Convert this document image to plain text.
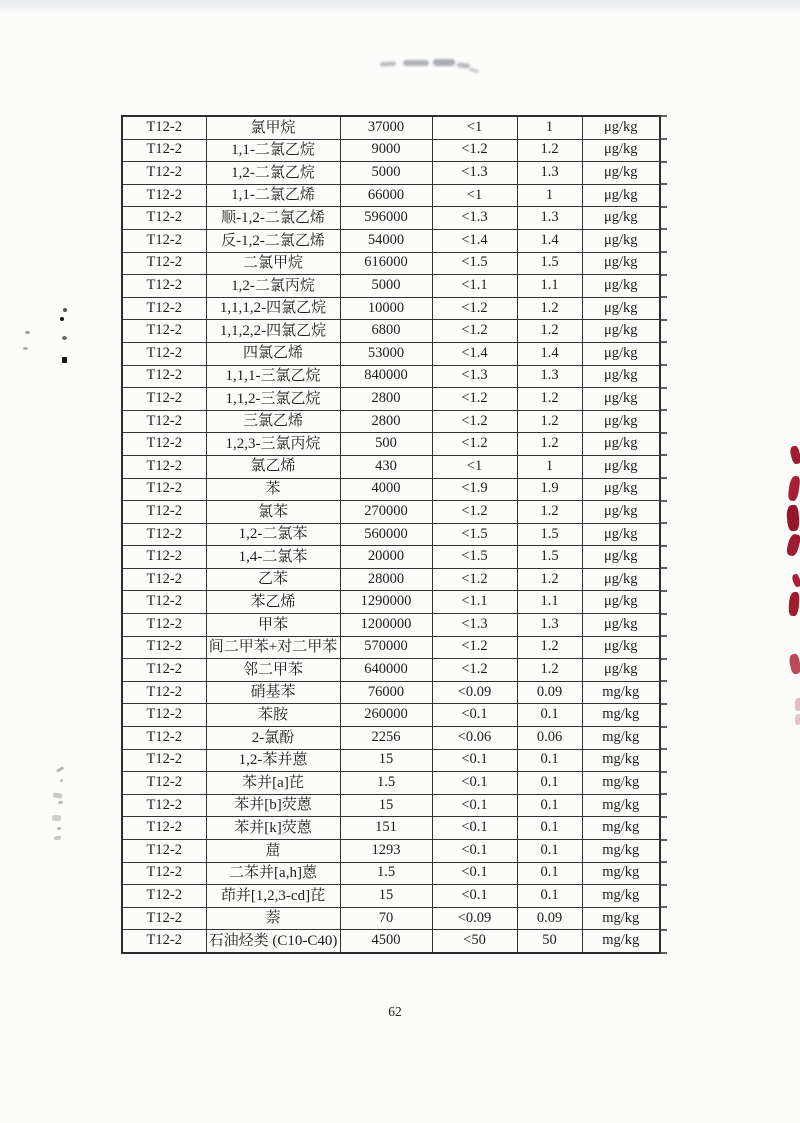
T12-2	氯甲烷	37000	<1	1	μg/kg
T12-2	1,1-二氯乙烷	9000	<1.2	1.2	μg/kg
T12-2	1,2-二氯乙烷	5000	<1.3	1.3	μg/kg
T12-2	1,1-二氯乙烯	66000	<1	1	μg/kg
T12-2	顺-1,2-二氯乙烯	596000	<1.3	1.3	μg/kg
T12-2	反-1,2-二氯乙烯	54000	<1.4	1.4	μg/kg
T12-2	二氯甲烷	616000	<1.5	1.5	μg/kg
T12-2	1,2-二氯丙烷	5000	<1.1	1.1	μg/kg
T12-2	1,1,1,2-四氯乙烷	10000	<1.2	1.2	μg/kg
T12-2	1,1,2,2-四氯乙烷	6800	<1.2	1.2	μg/kg
T12-2	四氯乙烯	53000	<1.4	1.4	μg/kg
T12-2	1,1,1-三氯乙烷	840000	<1.3	1.3	μg/kg
T12-2	1,1,2-三氯乙烷	2800	<1.2	1.2	μg/kg
T12-2	三氯乙烯	2800	<1.2	1.2	μg/kg
T12-2	1,2,3-三氯丙烷	500	<1.2	1.2	μg/kg
T12-2	氯乙烯	430	<1	1	μg/kg
T12-2	苯	4000	<1.9	1.9	μg/kg
T12-2	氯苯	270000	<1.2	1.2	μg/kg
T12-2	1,2-二氯苯	560000	<1.5	1.5	μg/kg
T12-2	1,4-二氯苯	20000	<1.5	1.5	μg/kg
T12-2	乙苯	28000	<1.2	1.2	μg/kg
T12-2	苯乙烯	1290000	<1.1	1.1	μg/kg
T12-2	甲苯	1200000	<1.3	1.3	μg/kg
T12-2	间二甲苯+对二甲苯	570000	<1.2	1.2	μg/kg
T12-2	邻二甲苯	640000	<1.2	1.2	μg/kg
T12-2	硝基苯	76000	<0.09	0.09	mg/kg
T12-2	苯胺	260000	<0.1	0.1	mg/kg
T12-2	2-氯酚	2256	<0.06	0.06	mg/kg
T12-2	1,2-苯并蒽	15	<0.1	0.1	mg/kg
T12-2	苯并[a]芘	1.5	<0.1	0.1	mg/kg
T12-2	苯并[b]荧蒽	15	<0.1	0.1	mg/kg
T12-2	苯并[k]荧蒽	151	<0.1	0.1	mg/kg
T12-2	䓛	1293	<0.1	0.1	mg/kg
T12-2	二苯并[a,h]蒽	1.5	<0.1	0.1	mg/kg
T12-2	茚并[1,2,3-cd]芘	15	<0.1	0.1	mg/kg
T12-2	萘	70	<0.09	0.09	mg/kg
T12-2	石油烃类 (C10-C40)	4500	<50	50	mg/kg
62
